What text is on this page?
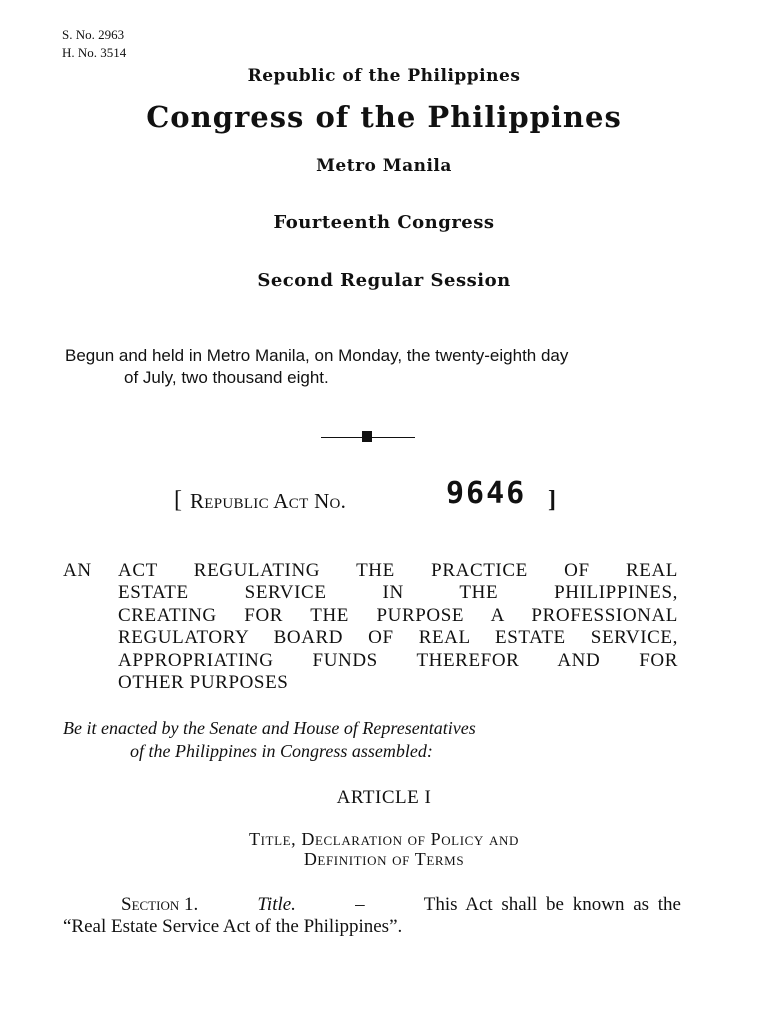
S. No. 2963
H. No. 3514
Republic of the Philippines
Congress of the Philippines
Metro Manila
Fourteenth Congress
Second Regular Session
Begun and held in Metro Manila, on Monday, the twenty-eighth day
of July, two thousand eight.
[ Republic Act No.	9646 ]
AN ACT REGULATING THE PRACTICE OF REAL
ESTATE SERVICE IN THE PHILIPPINES,
CREATING FOR THE PURPOSE A PROFESSIONAL
REGULATORY BOARD OF REAL ESTATE SERVICE,
APPROPRIATING FUNDS THEREFOR AND FOR
OTHER PURPOSES
Be it enacted by the Senate and House of Representatives
of the Philippines in Congress assembled:
ARTICLE I
Title, Declaration of Policy and
Definition of Terms
Section 1.	Title.	–	This Act shall be known as the
“Real Estate Service Act of the Philippines”.
